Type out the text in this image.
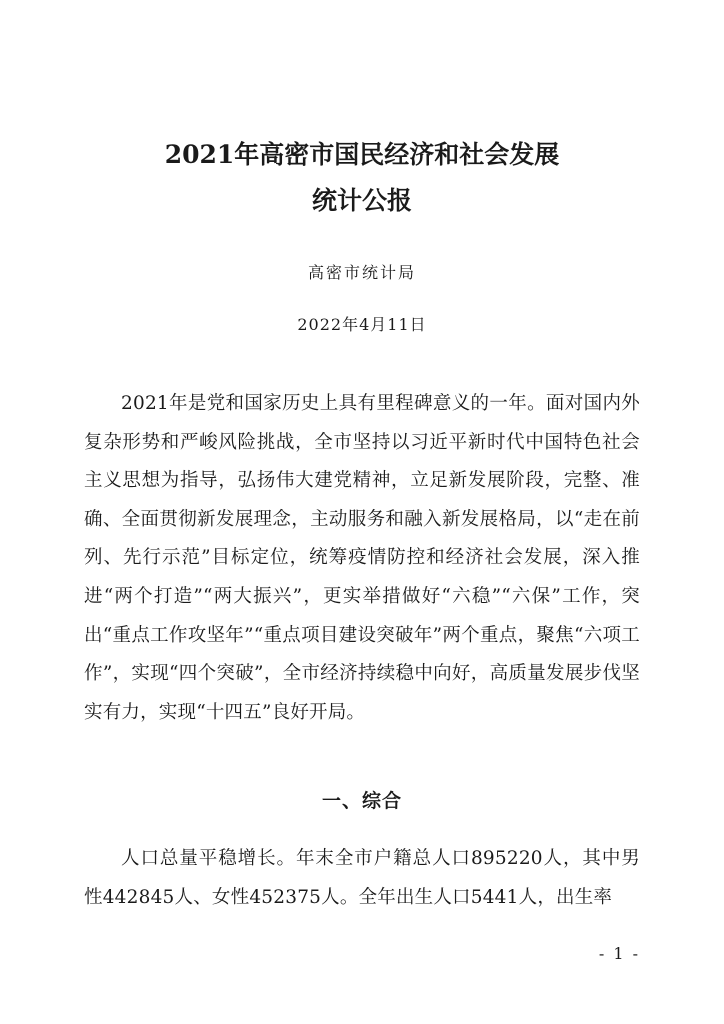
2021年高密市国民经济和社会发展
统计公报
高密市统计局
2022年4月11日

2021年是党和国家历史上具有里程碑意义的一年。面对国内外复杂形势和严峻风险挑战，全市坚持以习近平新时代中国特色社会主义思想为指导，弘扬伟大建党精神，立足新发展阶段，完整、准确、全面贯彻新发展理念，主动服务和融入新发展格局，以“走在前列、先行示范”目标定位，统筹疫情防控和经济社会发展，深入推进“两个打造”“两大振兴”，更实举措做好“六稳”“六保”工作，突出“重点工作攻坚年”“重点项目建设突破年”两个重点，聚焦“六项工作”，实现“四个突破”，全市经济持续稳中向好，高质量发展步伐坚实有力，实现“十四五”良好开局。

一、综合

人口总量平稳增长。年末全市户籍总人口895220人，其中男性442845人、女性452375人。全年出生人口5441人，出生率

- 1 -
